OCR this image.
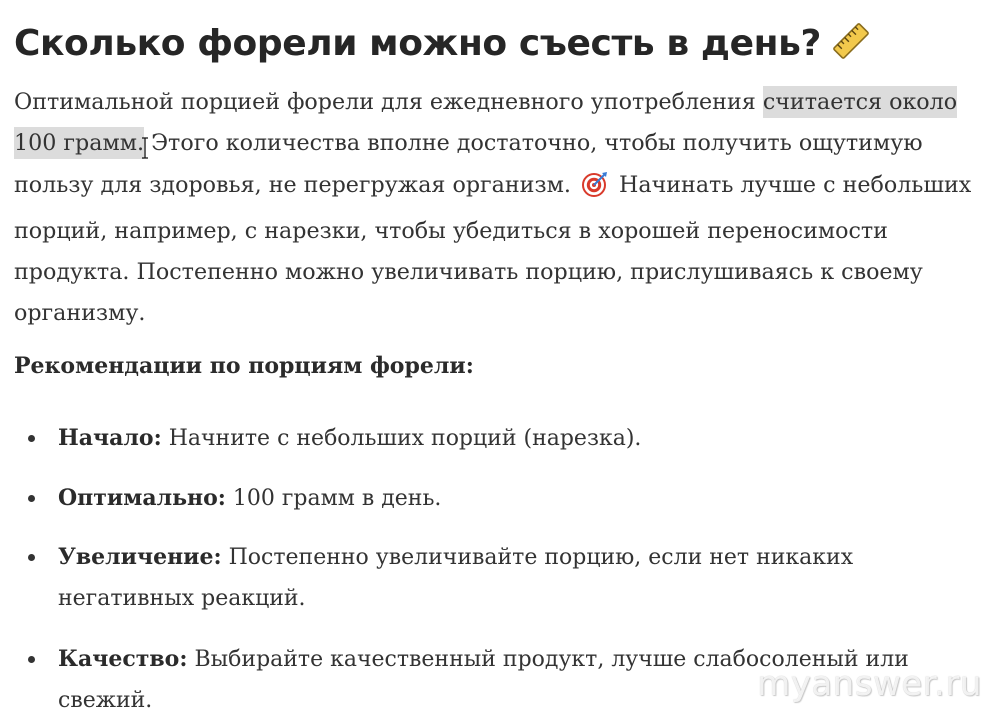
Сколько форели можно съесть в день?

Оптимальной порцией форели для ежедневного употребления считается около 100 грамм.
Этого количества вполне достаточно, чтобы получить ощутимую пользу для здоровья, не перегружая организм.  Начинать лучше с небольших порций, например, с нарезки, чтобы убедиться в хорошей переносимости продукта. Постепенно можно увеличивать порцию, прислушиваясь к своему организму.

Рекомендации по порциям форели:
Начало: Начните с небольших порций (нарезка).
Оптимально: 100 грамм в день.
Увеличение: Постепенно увеличивайте порцию, если нет никаких негативных реакций.
Качество: Выбирайте качественный продукт, лучше слабосоленый или свежий.	myanswer.ru
